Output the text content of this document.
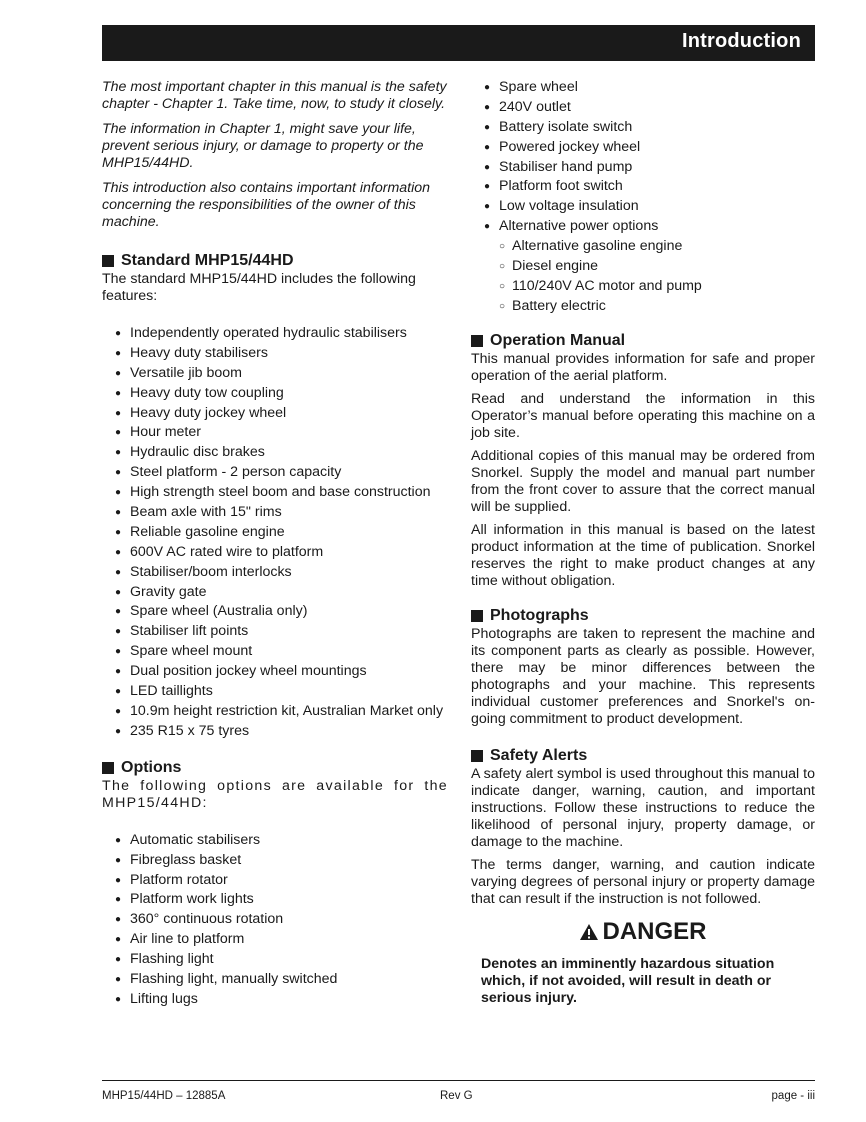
Introduction

The most important chapter in this manual is the safety chapter - Chapter 1. Take time, now, to study it closely.

The information in Chapter 1, might save your life, prevent serious injury, or damage to property or the MHP15/44HD.

This introduction also contains important information concerning the responsibilities of the owner of this machine.

Standard MHP15/44HD

The standard MHP15/44HD includes the following features:

● Independently operated hydraulic stabilisers
● Heavy duty stabilisers
● Versatile jib boom
● Heavy duty tow coupling
● Heavy duty jockey wheel
● Hour meter
● Hydraulic disc brakes
● Steel platform - 2 person capacity
● High strength steel boom and base construction
● Beam axle with 15" rims
● Reliable gasoline engine
● 600V AC rated wire to platform
● Stabiliser/boom interlocks
● Gravity gate
● Spare wheel (Australia only)
● Stabiliser lift points
● Spare wheel mount
● Dual position jockey wheel mountings
● LED taillights
● 10.9m height restriction kit, Australian Market only
● 235 R15 x 75 tyres
Options

The following options are available for the MHP15/44HD:

● Automatic stabilisers
● Fibreglass basket
● Platform rotator
● Platform work lights
● 360° continuous rotation
● Air line to platform
● Flashing light
● Flashing light, manually switched
● Lifting lugs
● Spare wheel
● 240V outlet
● Battery isolate switch
● Powered jockey wheel
● Stabiliser hand pump
● Platform foot switch
● Low voltage insulation
● Alternative power options
○ Alternative gasoline engine
○ Diesel engine
○ 110/240V AC motor and pump
○ Battery electric
Operation Manual

This manual provides information for safe and proper operation of the aerial platform.

Read and understand the information in this Operator’s manual before operating this machine on a job site.

Additional copies of this manual may be ordered from Snorkel. Supply the model and manual part number from the front cover to assure that the correct manual will be supplied.

All information in this manual is based on the latest product information at the time of publication. Snorkel reserves the right to make product changes at any time without obligation.

Photographs

Photographs are taken to represent the machine and its component parts as clearly as possible. However, there may be minor differences between the photographs and your machine. This represents individual customer preferences and Snorkel's on-going commitment to product development.

Safety Alerts

A safety alert symbol is used throughout this manual to indicate danger, warning, caution, and important instructions. Follow these instructions to reduce the likelihood of personal injury, property damage, or damage to the machine.

The terms danger, warning, and caution indicate varying degrees of personal injury or property damage that can result if the instruction is not followed.

DANGER

Denotes an imminently hazardous situation which, if not avoided, will result in death or serious injury.

MHP15/44HD – 12885A	Rev G	page - iii
